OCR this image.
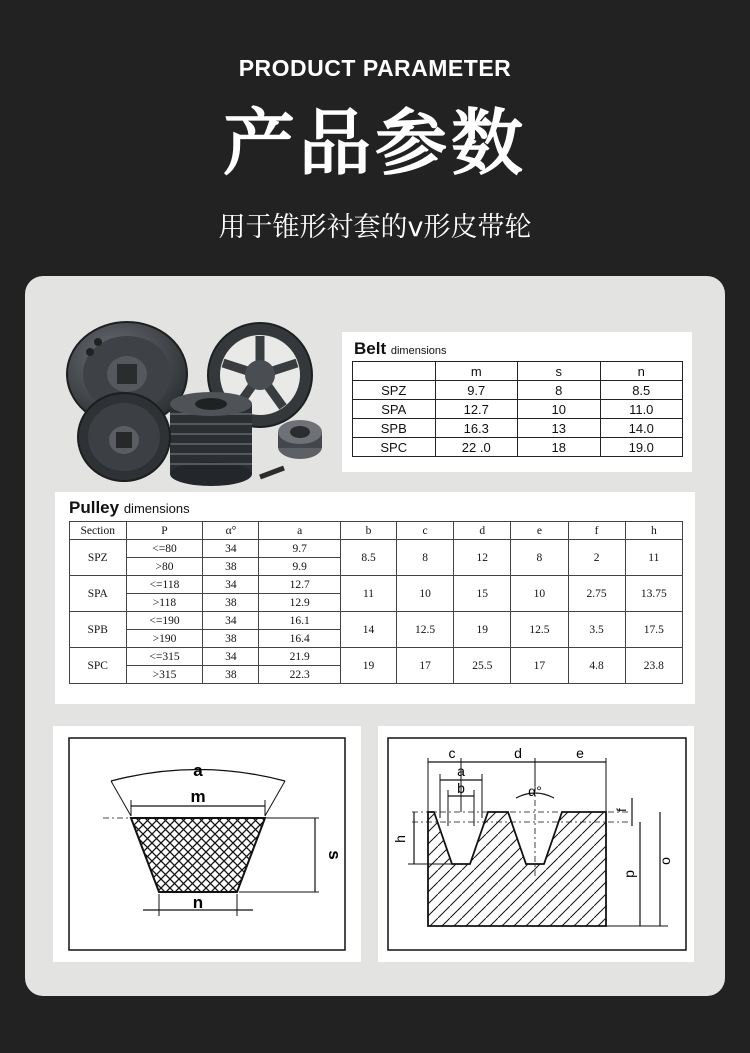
PRODUCT PARAMETER
产品参数
用于锥形衬套的v形皮带轮
Belt dimensions
	m	s	n
SPZ	9.7	8	8.5
SPA	12.7	10	11.0
SPB	16.3	13	14.0
SPC	22 .0	18	19.0
Pulley dimensions
Section	P	α°	a	b	c	d	e	f	h
SPZ	<=80	34	9.7	8.5	8	12	8	2	11
	>80	38	9.9						
SPA	<=118	34	12.7	11	10	15	10	2.75	13.75
	>118	38	12.9						
SPB	<=190	34	16.1	14	12.5	19	12.5	3.5	17.5
	>190	38	16.4						
SPC	<=315	34	21.9	19	17	25.5	17	4.8	23.8
	>315	38	22.3						
a
m
s
n
c	d	e
a
b	α°
f
h
p
o
